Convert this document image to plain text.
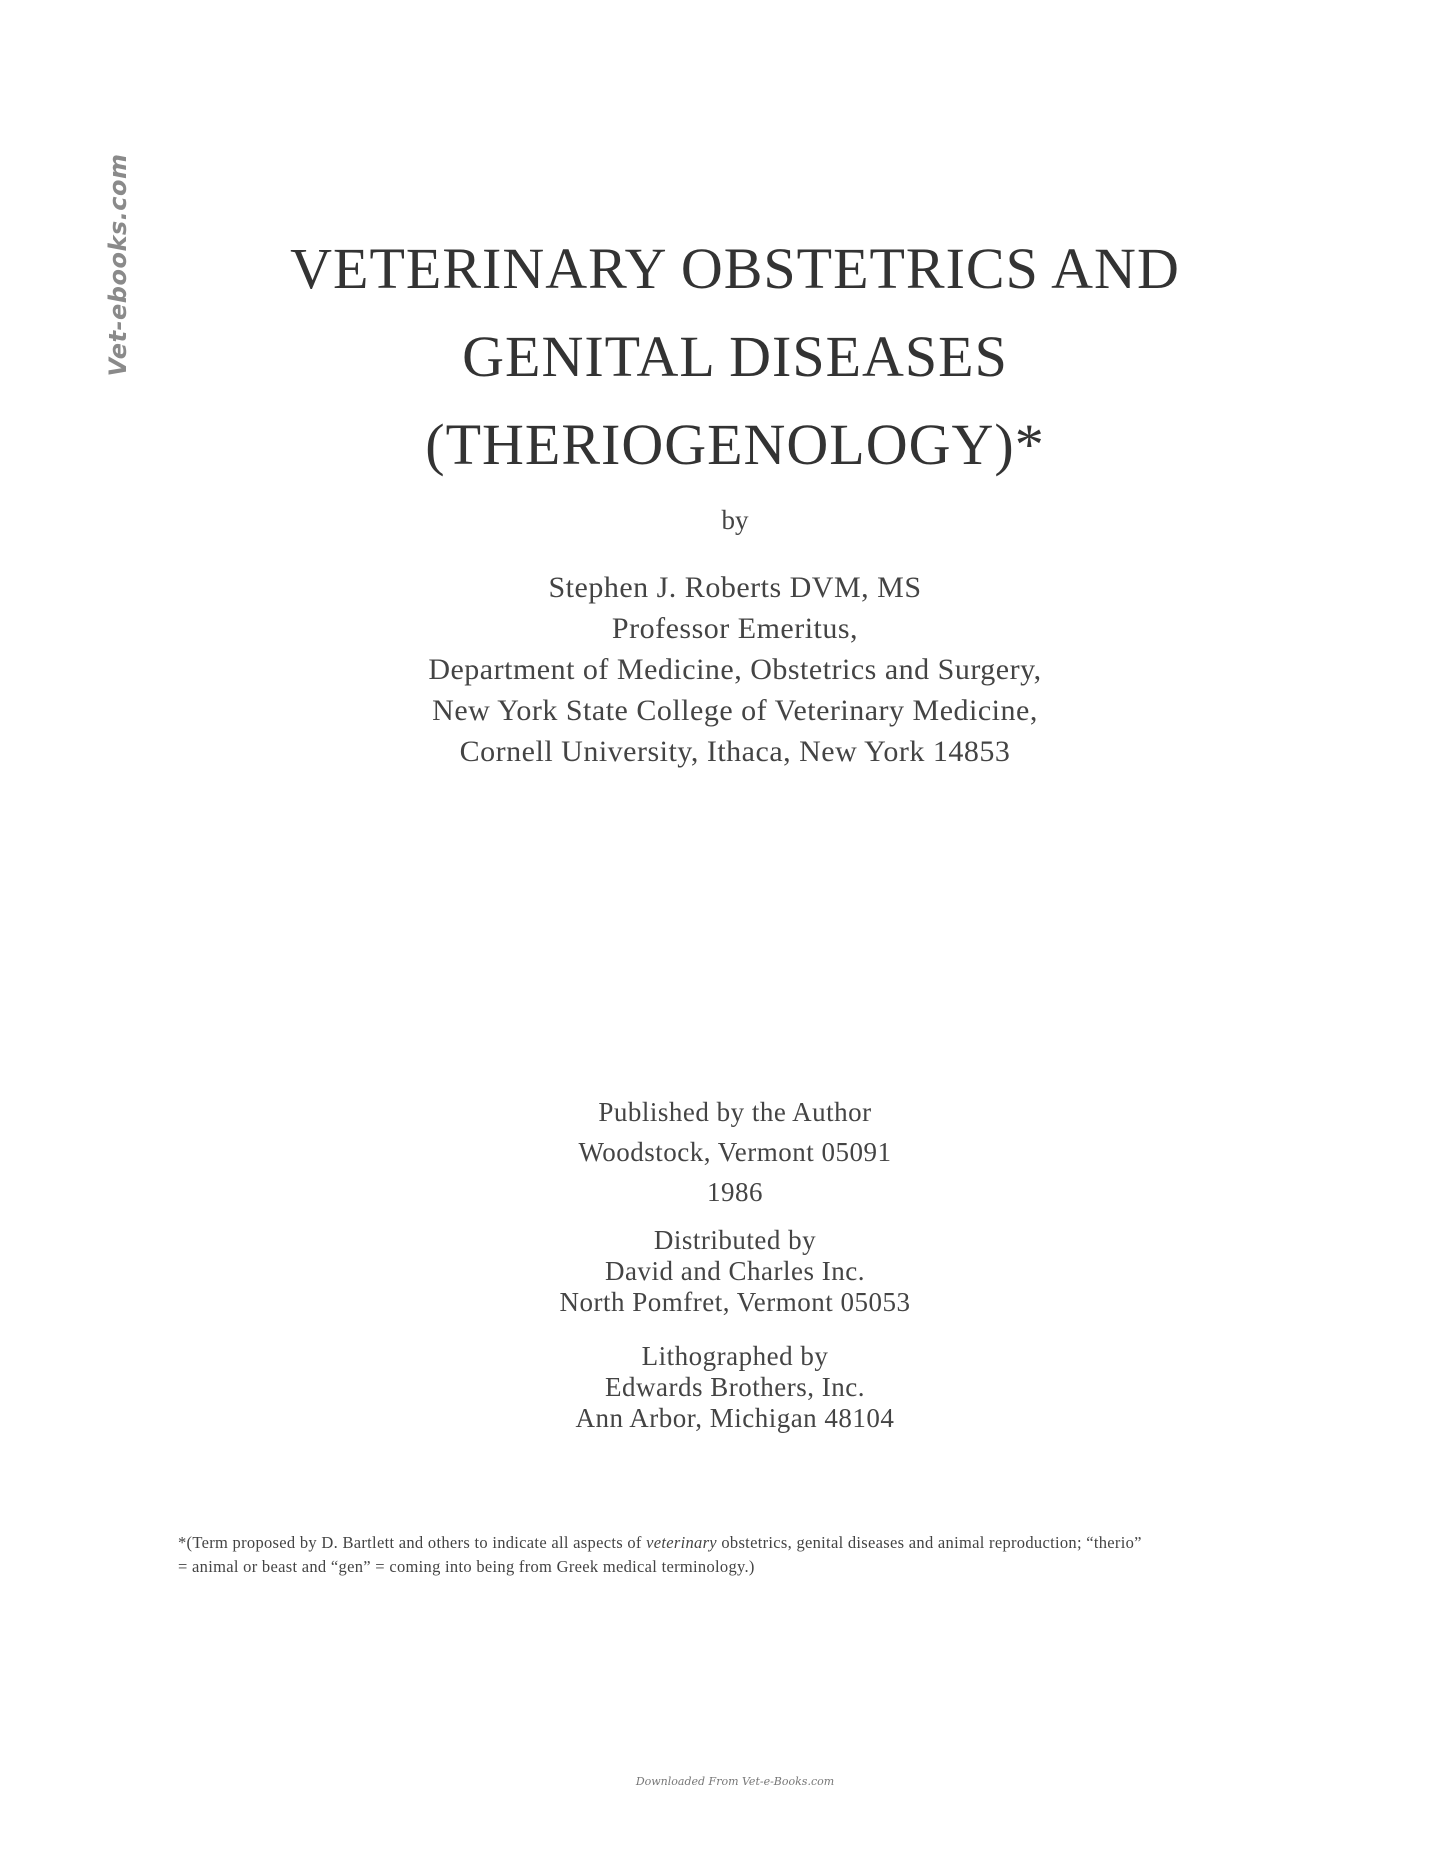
Vet-ebooks.com	VETERINARY OBSTETRICS AND
GENITAL DISEASES
(THERIOGENOLOGY)*
by
Stephen J. Roberts DVM, MS
Professor Emeritus,
Department of Medicine, Obstetrics and Surgery,
New York State College of Veterinary Medicine,
Cornell University, Ithaca, New York 14853
Published by the Author
Woodstock, Vermont 05091
1986
Distributed by
David and Charles Inc.
North Pomfret, Vermont 05053
Lithographed by
Edwards Brothers, Inc.
Ann Arbor, Michigan 48104
*(Term proposed by D. Bartlett and others to indicate all aspects of veterinary obstetrics, genital diseases and animal reproduction; “therio”
= animal or beast and “gen” = coming into being from Greek medical terminology.)
Downloaded From Vet-e-Books.com
